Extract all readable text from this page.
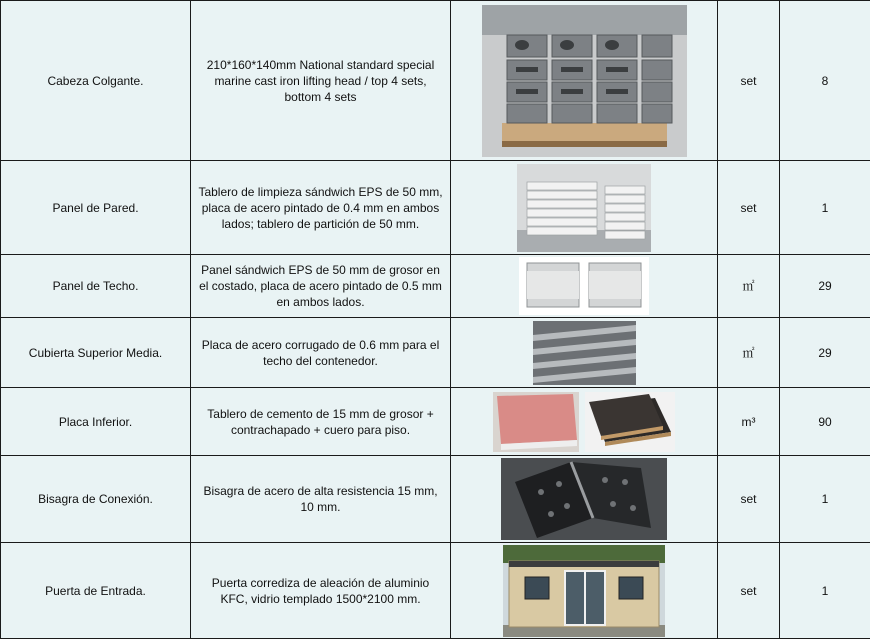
Cabeza Colgante.	210*160*140mm National standard special marine cast iron lifting head / top 4 sets, bottom 4 sets		set	8
Panel de Pared.	Tablero de limpieza sándwich EPS de 50 mm, placa de acero pintado de 0.4 mm en ambos lados; tablero de partición de 50 mm.		set	1
Panel de Techo.	Panel sándwich EPS de 50 mm de grosor en el costado, placa de acero pintado de 0.5 mm en ambos lados.		㎡	29
Cubierta Superior Media.	Placa de acero corrugado de 0.6 mm para el techo del contenedor.		㎡	29
Placa Inferior.	Tablero de cemento de 15 mm de grosor + contrachapado + cuero para piso.		m³	90
Bisagra de Conexión.	Bisagra de acero de alta resistencia 15 mm, 10 mm.		set	1
Puerta de Entrada.	Puerta corrediza de aleación de aluminio KFC, vidrio templado 1500*2100 mm.		set	1
